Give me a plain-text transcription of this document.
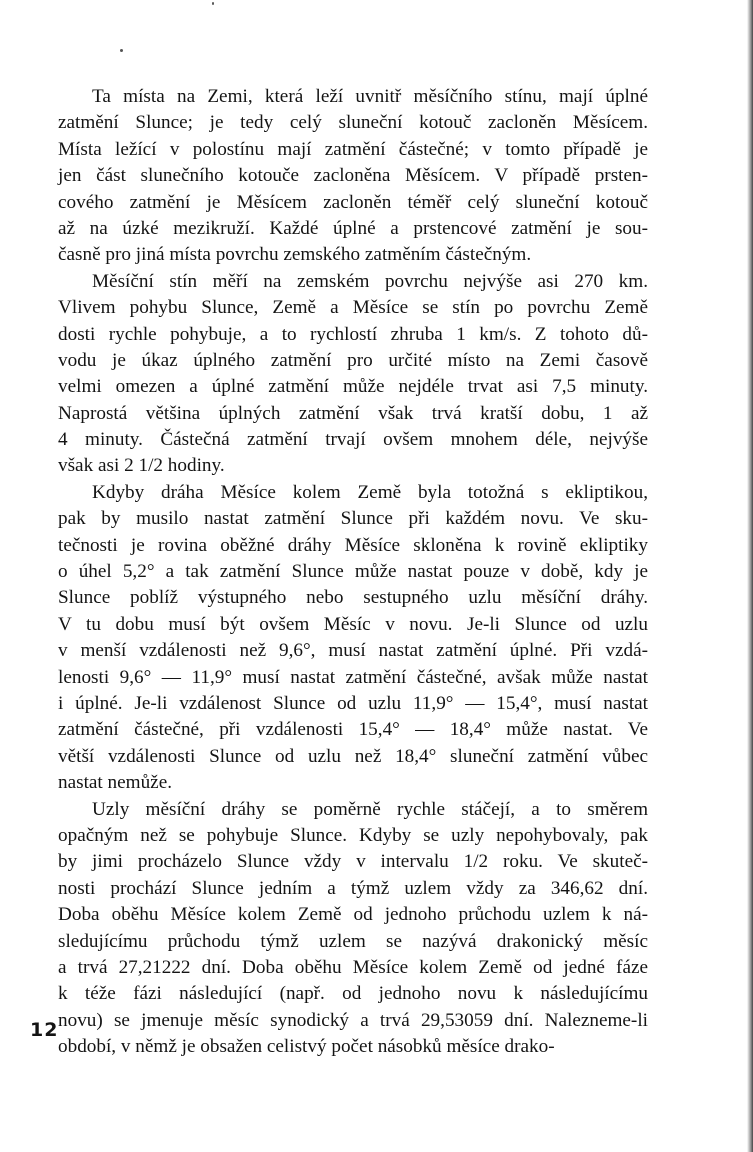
Ta místa na Zemi, která leží uvnitř měsíčního stínu, mají úplné
zatmění Slunce; je tedy celý sluneční kotouč zacloněn Měsícem.
Místa ležící v polostínu mají zatmění částečné; v tomto případě je
jen část slunečního kotouče zacloněna Měsícem. V případě prsten-
cového zatmění je Měsícem zacloněn téměř celý sluneční kotouč
až na úzké mezikruží. Každé úplné a prstencové zatmění je sou-
časně pro jiná místa povrchu zemského zatměním částečným.
Měsíční stín měří na zemském povrchu nejvýše asi 270 km.
Vlivem pohybu Slunce, Země a Měsíce se stín po povrchu Země
dosti rychle pohybuje, a to rychlostí zhruba 1 km/s. Z tohoto dů-
vodu je úkaz úplného zatmění pro určité místo na Zemi časově
velmi omezen a úplné zatmění může nejdéle trvat asi 7,5 minuty.
Naprostá většina úplných zatmění však trvá kratší dobu, 1 až
4 minuty. Částečná zatmění trvají ovšem mnohem déle, nejvýše
však asi 2 1/2 hodiny.
Kdyby dráha Měsíce kolem Země byla totožná s ekliptikou,
pak by musilo nastat zatmění Slunce při každém novu. Ve sku-
tečnosti je rovina oběžné dráhy Měsíce skloněna k rovině ekliptiky
o úhel 5,2° a tak zatmění Slunce může nastat pouze v době, kdy je
Slunce poblíž výstupného nebo sestupného uzlu měsíční dráhy.
V tu dobu musí být ovšem Měsíc v novu. Je-li Slunce od uzlu
v menší vzdálenosti než 9,6°, musí nastat zatmění úplné. Při vzdá-
lenosti 9,6° — 11,9° musí nastat zatmění částečné, avšak může nastat
i úplné. Je-li vzdálenost Slunce od uzlu 11,9° — 15,4°, musí nastat
zatmění částečné, při vzdálenosti 15,4° — 18,4° může nastat. Ve
větší vzdálenosti Slunce od uzlu než 18,4° sluneční zatmění vůbec
nastat nemůže.
Uzly měsíční dráhy se poměrně rychle stáčejí, a to směrem
opačným než se pohybuje Slunce. Kdyby se uzly nepohybovaly, pak
by jimi procházelo Slunce vždy v intervalu 1/2 roku. Ve skuteč-
nosti prochází Slunce jedním a týmž uzlem vždy za 346,62 dní.
Doba oběhu Měsíce kolem Země od jednoho průchodu uzlem k ná-
sledujícímu průchodu týmž uzlem se nazývá drakonický měsíc
a trvá 27,21222 dní. Doba oběhu Měsíce kolem Země od jedné fáze
k téže fázi následující (např. od jednoho novu k následujícímu
novu) se jmenuje měsíc synodický a trvá 29,53059 dní. Nalezneme-li
období, v němž je obsažen celistvý počet násobků měsíce drako-
12
